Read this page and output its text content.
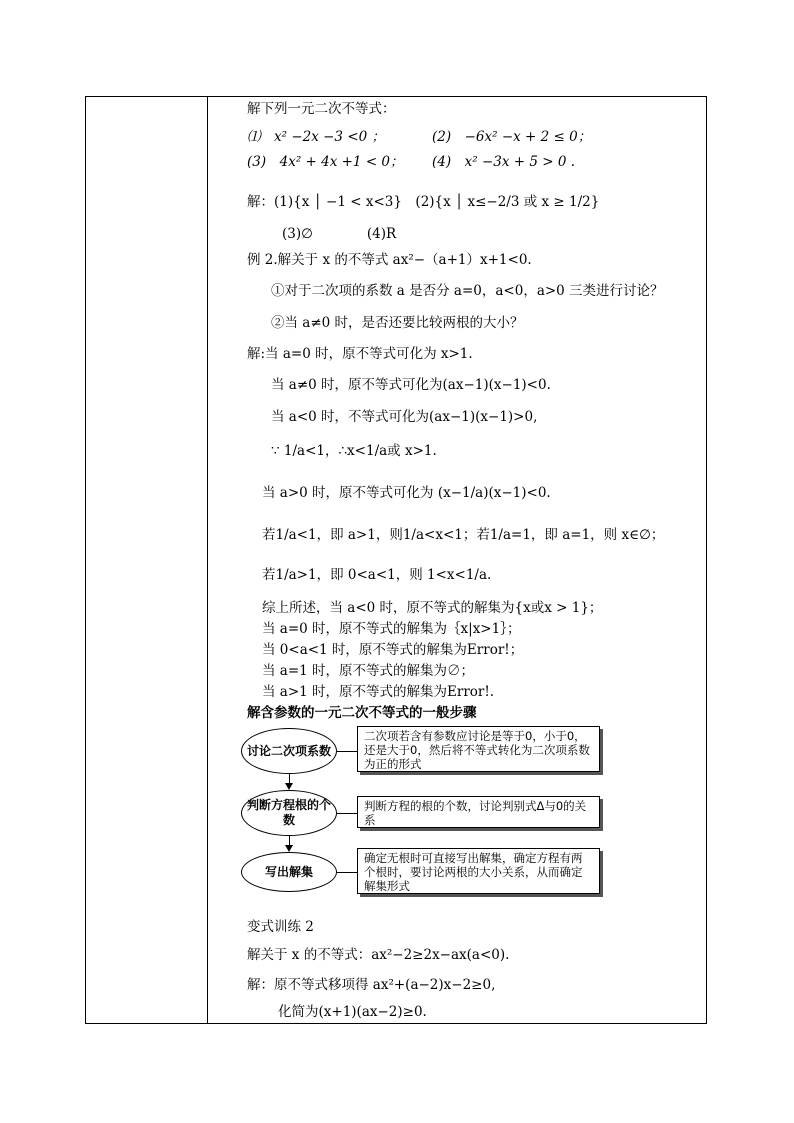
解下列一元二次不等式：
⑴　x² −2x −3 <0 ；	(2)　−6x² −x + 2 ≤ 0；
(3)　4x² + 4x +1 < 0； (4)　x² −3x + 5 > 0 .
解：(1){x │ −1 < x<3}　(2){x │ x≤−2/3 或 x ≥ 1/2}
(3)∅　　　　(4)R
例 2.解关于 x 的不等式 ax²−（a+1）x+1<0.
①对于二次项的系数 a 是否分 a=0，a<0，a>0 三类进行讨论？
②当 a≠0 时，是否还要比较两根的大小？
解:当 a=0 时，原不等式可化为 x>1.
当 a≠0 时，原不等式可化为(ax−1)(x−1)<0.
当 a<0 时，不等式可化为(ax−1)(x−1)>0,
∵ 1/a<1，∴x<1/a或 x>1.
当 a>0 时，原不等式可化为 (x−1/a)(x−1)<0.
若1/a<1，即 a>1，则1/a<x<1；若1/a=1，即 a=1，则 x∈∅；
若1/a>1，即 0<a<1，则 1<x<1/a.
综上所述，当 a<0 时，原不等式的解集为{x或x > 1}；
当 a=0 时，原不等式的解集为｛x|x>1｝；
当 0<a<1 时，原不等式的解集为Error!；
当 a=1 时，原不等式的解集为∅；
当 a>1 时，原不等式的解集为Error!.
解含参数的一元二次不等式的一般步骤
讨论二次项系数
判断方程根的个数
写出解集
二次项若含有参数应讨论是等于0，小于0，还是大于0，然后将不等式转化为二次项系数为正的形式
判断方程的根的个数，讨论判别式Δ与0的关系
确定无根时可直接写出解集，确定方程有两个根时，要讨论两根的大小关系，从而确定解集形式
变式训练 2
解关于 x 的不等式：ax²−2≥2x−ax(a<0).
解：原不等式移项得 ax²+(a−2)x−2≥0,
化简为(x+1)(ax−2)≥0.
